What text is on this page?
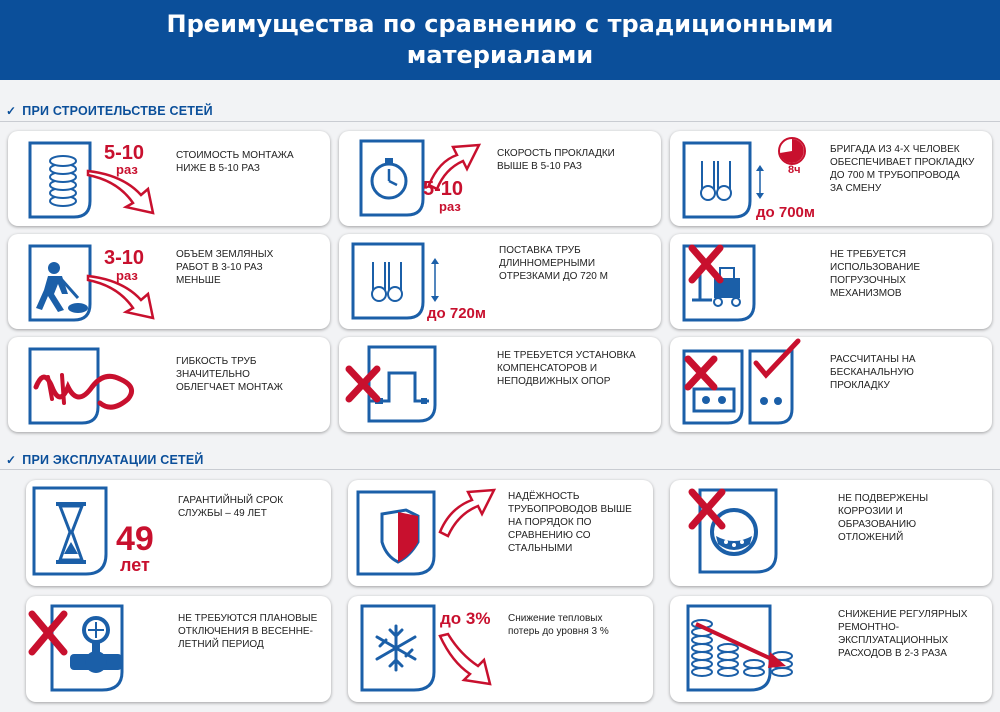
Преимущества по сравнению с традиционными
материалами
✓ ПРИ СТРОИТЕЛЬСТВЕ СЕТЕЙ
5-10
раз
СТОИМОСТЬ МОНТАЖА
НИЖЕ В 5-10 РАЗ
5-10
раз
СКОРОСТЬ ПРОКЛАДКИ
ВЫШЕ В 5-10 РАЗ	8ч
до 700м
БРИГАДА ИЗ 4-Х ЧЕЛОВЕК
ОБЕСПЕЧИВАЕТ ПРОКЛАДКУ
ДО 700 М ТРУБОПРОВОДА
ЗА СМЕНУ
3-10
раз
ОБЪЕМ ЗЕМЛЯНЫХ
РАБОТ В 3-10 РАЗ
МЕНЬШЕ
до 720м
ПОСТАВКА ТРУБ
ДЛИННОМЕРНЫМИ
ОТРЕЗКАМИ ДО 720 М
НЕ ТРЕБУЕТСЯ
ИСПОЛЬЗОВАНИЕ
ПОГРУЗОЧНЫХ
МЕХАНИЗМОВ
ГИБКОСТЬ ТРУБ
ЗНАЧИТЕЛЬНО
ОБЛЕГЧАЕТ МОНТАЖ
НЕ ТРЕБУЕТСЯ УСТАНОВКА
КОМПЕНСАТОРОВ И
НЕПОДВИЖНЫХ ОПОР
РАССЧИТАНЫ НА
БЕСКАНАЛЬНУЮ
ПРОКЛАДКУ
✓ ПРИ ЭКСПЛУАТАЦИИ СЕТЕЙ
49
лет
ГАРАНТИЙНЫЙ СРОК
СЛУЖБЫ – 49 ЛЕТ
НАДЁЖНОСТЬ
ТРУБОПРОВОДОВ ВЫШЕ
НА ПОРЯДОК ПО
СРАВНЕНИЮ СО
СТАЛЬНЫМИ
НЕ ПОДВЕРЖЕНЫ
КОРРОЗИИ И
ОБРАЗОВАНИЮ
ОТЛОЖЕНИЙ
НЕ ТРЕБУЮТСЯ ПЛАНОВЫЕ
ОТКЛЮЧЕНИЯ В ВЕСЕННЕ-
ЛЕТНИЙ ПЕРИОД
до 3% Снижение тепловых
потерь до уровня 3 %
СНИЖЕНИЕ РЕГУЛЯРНЫХ
РЕМОНТНО-
ЭКСПЛУАТАЦИОННЫХ
РАСХОДОВ В 2-3 РАЗА
